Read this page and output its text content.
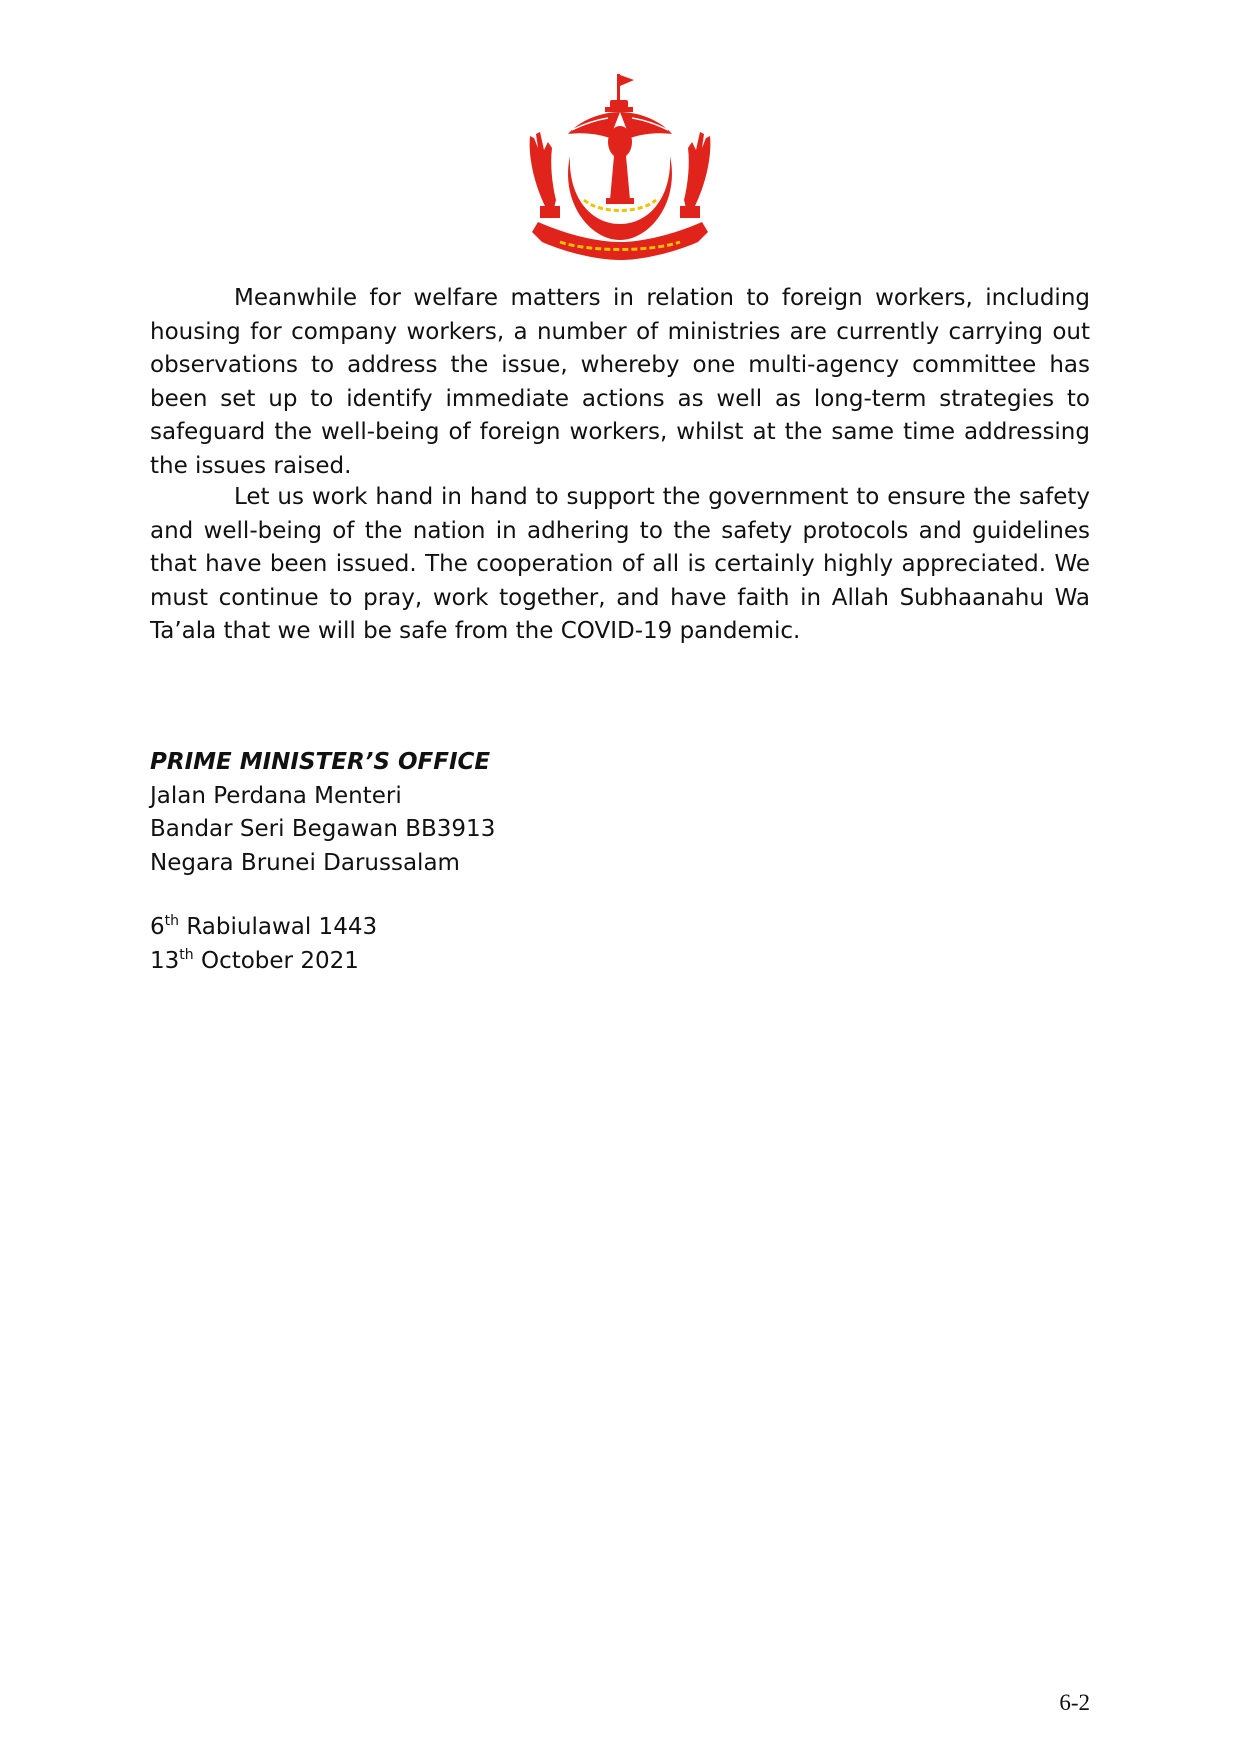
Meanwhile for welfare matters in relation to foreign workers, including housing for company workers, a number of ministries are currently carrying out observations to address the issue, whereby one multi-agency committee has been set up to identify immediate actions as well as long-term strategies to safeguard the well-being of foreign workers, whilst at the same time addressing the issues raised.

Let us work hand in hand to support the government to ensure the safety and well-being of the nation in adhering to the safety protocols and guidelines that have been issued. The cooperation of all is certainly highly appreciated. We must continue to pray, work together, and have faith in Allah Subhaanahu Wa Ta’ala that we will be safe from the COVID-19 pandemic.

PRIME MINISTER’S OFFICE
Jalan Perdana Menteri
Bandar Seri Begawan BB3913
Negara Brunei Darussalam
6th Rabiulawal 1443
13th October 2021
6-2
